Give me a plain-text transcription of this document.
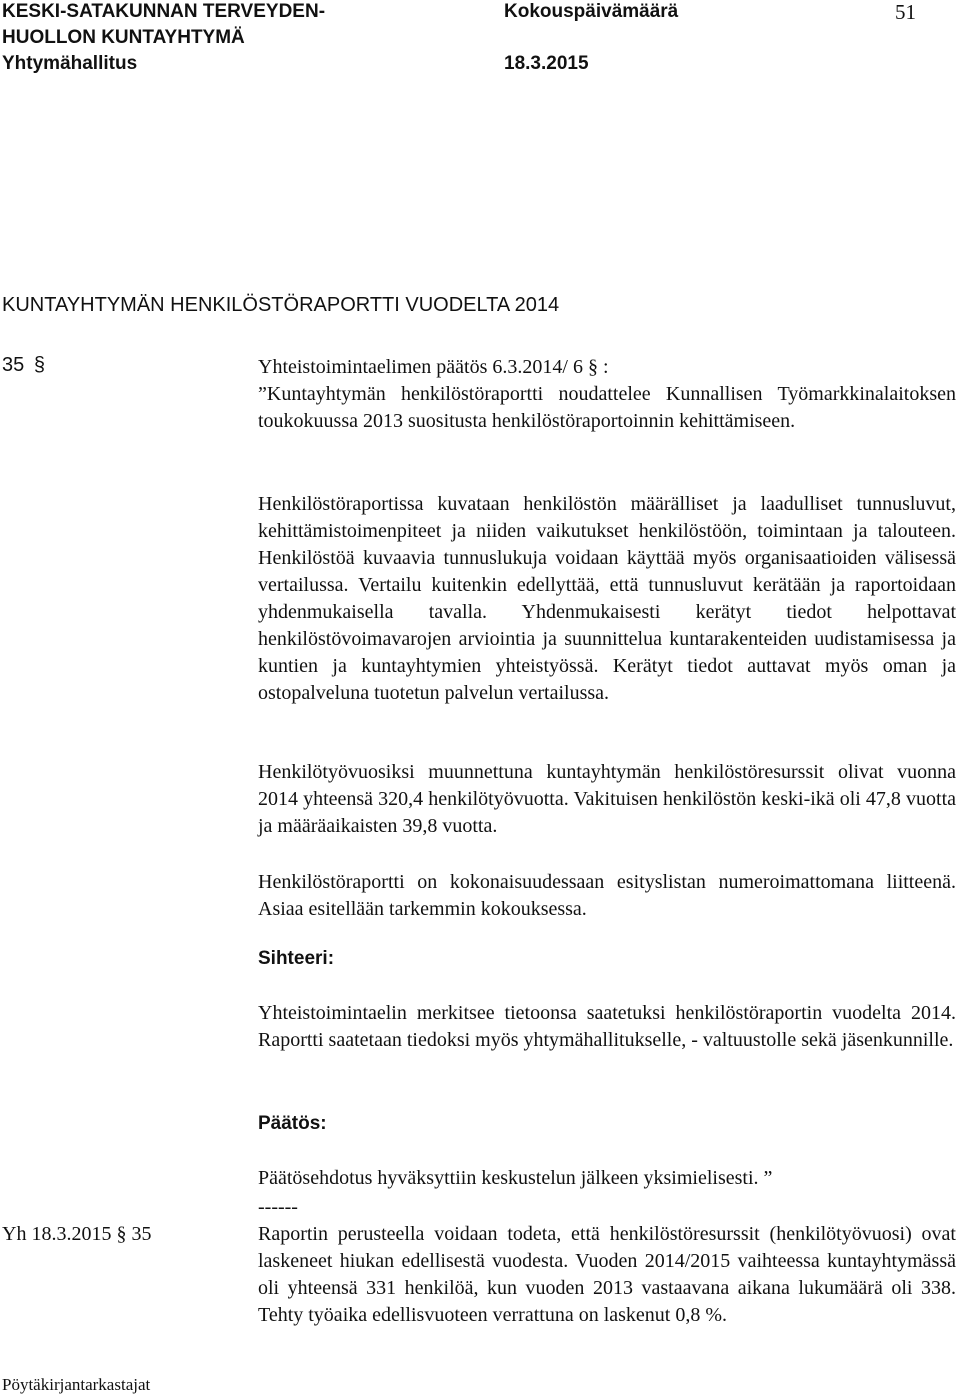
KESKI-SATAKUNNAN TERVEYDEN-
HUOLLON KUNTAYHTYMÄ
Yhtymähallitus
Kokouspäivämäärä
18.3.2015
51
KUNTAYHTYMÄN HENKILÖSTÖRAPORTTI VUODELTA 2014
35 §	Yhteistoimintaelimen päätös 6.3.2014/ 6 § :

”Kuntayhtymän henkilöstöraportti noudattelee Kunnallisen Työmarkkinalaitoksen toukokuussa 2013 suositusta henkilöstöraportoinnin kehittämiseen.

Henkilöstöraportissa kuvataan henkilöstön määrälliset ja laadulliset tunnusluvut, kehittämistoimenpiteet ja niiden vaikutukset henkilöstöön, toimintaan ja talouteen. Henkilöstöä kuvaavia tunnuslukuja voidaan käyttää myös organisaatioiden välisessä vertailussa. Vertailu kuitenkin edellyttää, että tunnusluvut kerätään ja raportoidaan yhdenmukaisella tavalla. Yhdenmukaisesti kerätyt tiedot helpottavat henkilöstövoimavarojen arviointia ja suunnittelua kuntarakenteiden uudistamisessa ja kuntien ja kuntayhtymien yhteistyössä. Kerätyt tiedot auttavat myös oman ja ostopalveluna tuotetun palvelun vertailussa.

Henkilötyövuosiksi muunnettuna kuntayhtymän henkilöstöresurssit olivat vuonna 2014 yhteensä 320,4 henkilötyövuotta. Vakituisen henkilöstön keski-ikä oli 47,8 vuotta ja määräaikaisten 39,8 vuotta.

Henkilöstöraportti on kokonaisuudessaan esityslistan numeroimattomana liitteenä. Asiaa esitellään tarkemmin kokouksessa.

Sihteeri:

Yhteistoimintaelin merkitsee tietoonsa saatetuksi henkilöstöraportin vuodelta 2014. Raportti saatetaan tiedoksi myös yhtymähallitukselle, - valtuustolle sekä jäsenkunnille.

Päätös:
Päätösehdotus hyväksyttiin keskustelun jälkeen yksimielisesti. ”
------
Yh 18.3.2015 § 35	Raportin perusteella voidaan todeta, että henkilöstöresurssit (henkilötyövuosi) ovat laskeneet hiukan edellisestä vuodesta. Vuoden 2014/2015 vaihteessa kuntayhtymässä oli yhteensä 331 henkilöä, kun vuoden 2013 vastaavana aikana lukumäärä oli 338. Tehty työaika edellisvuoteen verrattuna on laskenut 0,8 %.

Pöytäkirjantarkastajat
